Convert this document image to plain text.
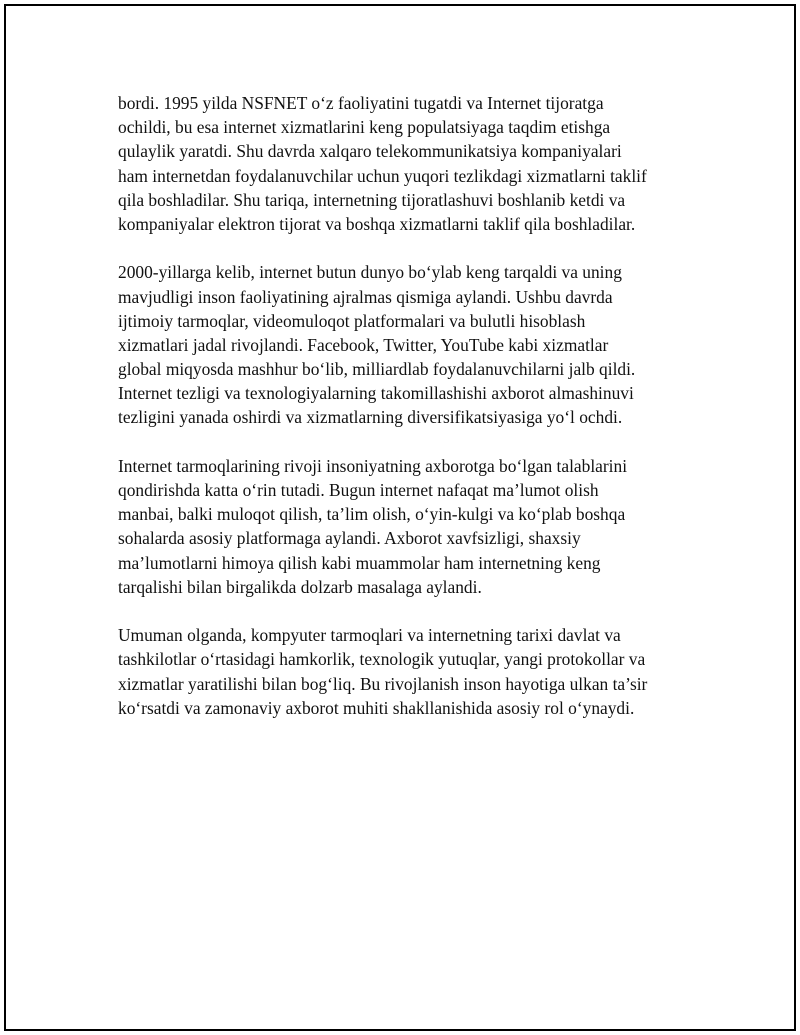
bordi. 1995 yilda NSFNET o‘z faoliyatini tugatdi va Internet tijoratga
ochildi, bu esa internet xizmatlarini keng populatsiyaga taqdim etishga
qulaylik yaratdi. Shu davrda xalqaro telekommunikatsiya kompaniyalari
ham internetdan foydalanuvchilar uchun yuqori tezlikdagi xizmatlarni taklif
qila boshladilar. Shu tariqa, internetning tijoratlashuvi boshlanib ketdi va
kompaniyalar elektron tijorat va boshqa xizmatlarni taklif qila boshladilar.
2000-yillarga kelib, internet butun dunyo bo‘ylab keng tarqaldi va uning
mavjudligi inson faoliyatining ajralmas qismiga aylandi. Ushbu davrda
ijtimoiy tarmoqlar, videomuloqot platformalari va bulutli hisoblash
xizmatlari jadal rivojlandi. Facebook, Twitter, YouTube kabi xizmatlar
global miqyosda mashhur bo‘lib, milliardlab foydalanuvchilarni jalb qildi.
Internet tezligi va texnologiyalarning takomillashishi axborot almashinuvi
tezligini yanada oshirdi va xizmatlarning diversifikatsiyasiga yo‘l ochdi.
Internet tarmoqlarining rivoji insoniyatning axborotga bo‘lgan talablarini
qondirishda katta o‘rin tutadi. Bugun internet nafaqat ma’lumot olish
manbai, balki muloqot qilish, ta’lim olish, o‘yin-kulgi va ko‘plab boshqa
sohalarda asosiy platformaga aylandi. Axborot xavfsizligi, shaxsiy
ma’lumotlarni himoya qilish kabi muammolar ham internetning keng
tarqalishi bilan birgalikda dolzarb masalaga aylandi.
Umuman olganda, kompyuter tarmoqlari va internetning tarixi davlat va
tashkilotlar o‘rtasidagi hamkorlik, texnologik yutuqlar, yangi protokollar va
xizmatlar yaratilishi bilan bog‘liq. Bu rivojlanish inson hayotiga ulkan ta’sir
ko‘rsatdi va zamonaviy axborot muhiti shakllanishida asosiy rol o‘ynaydi.
